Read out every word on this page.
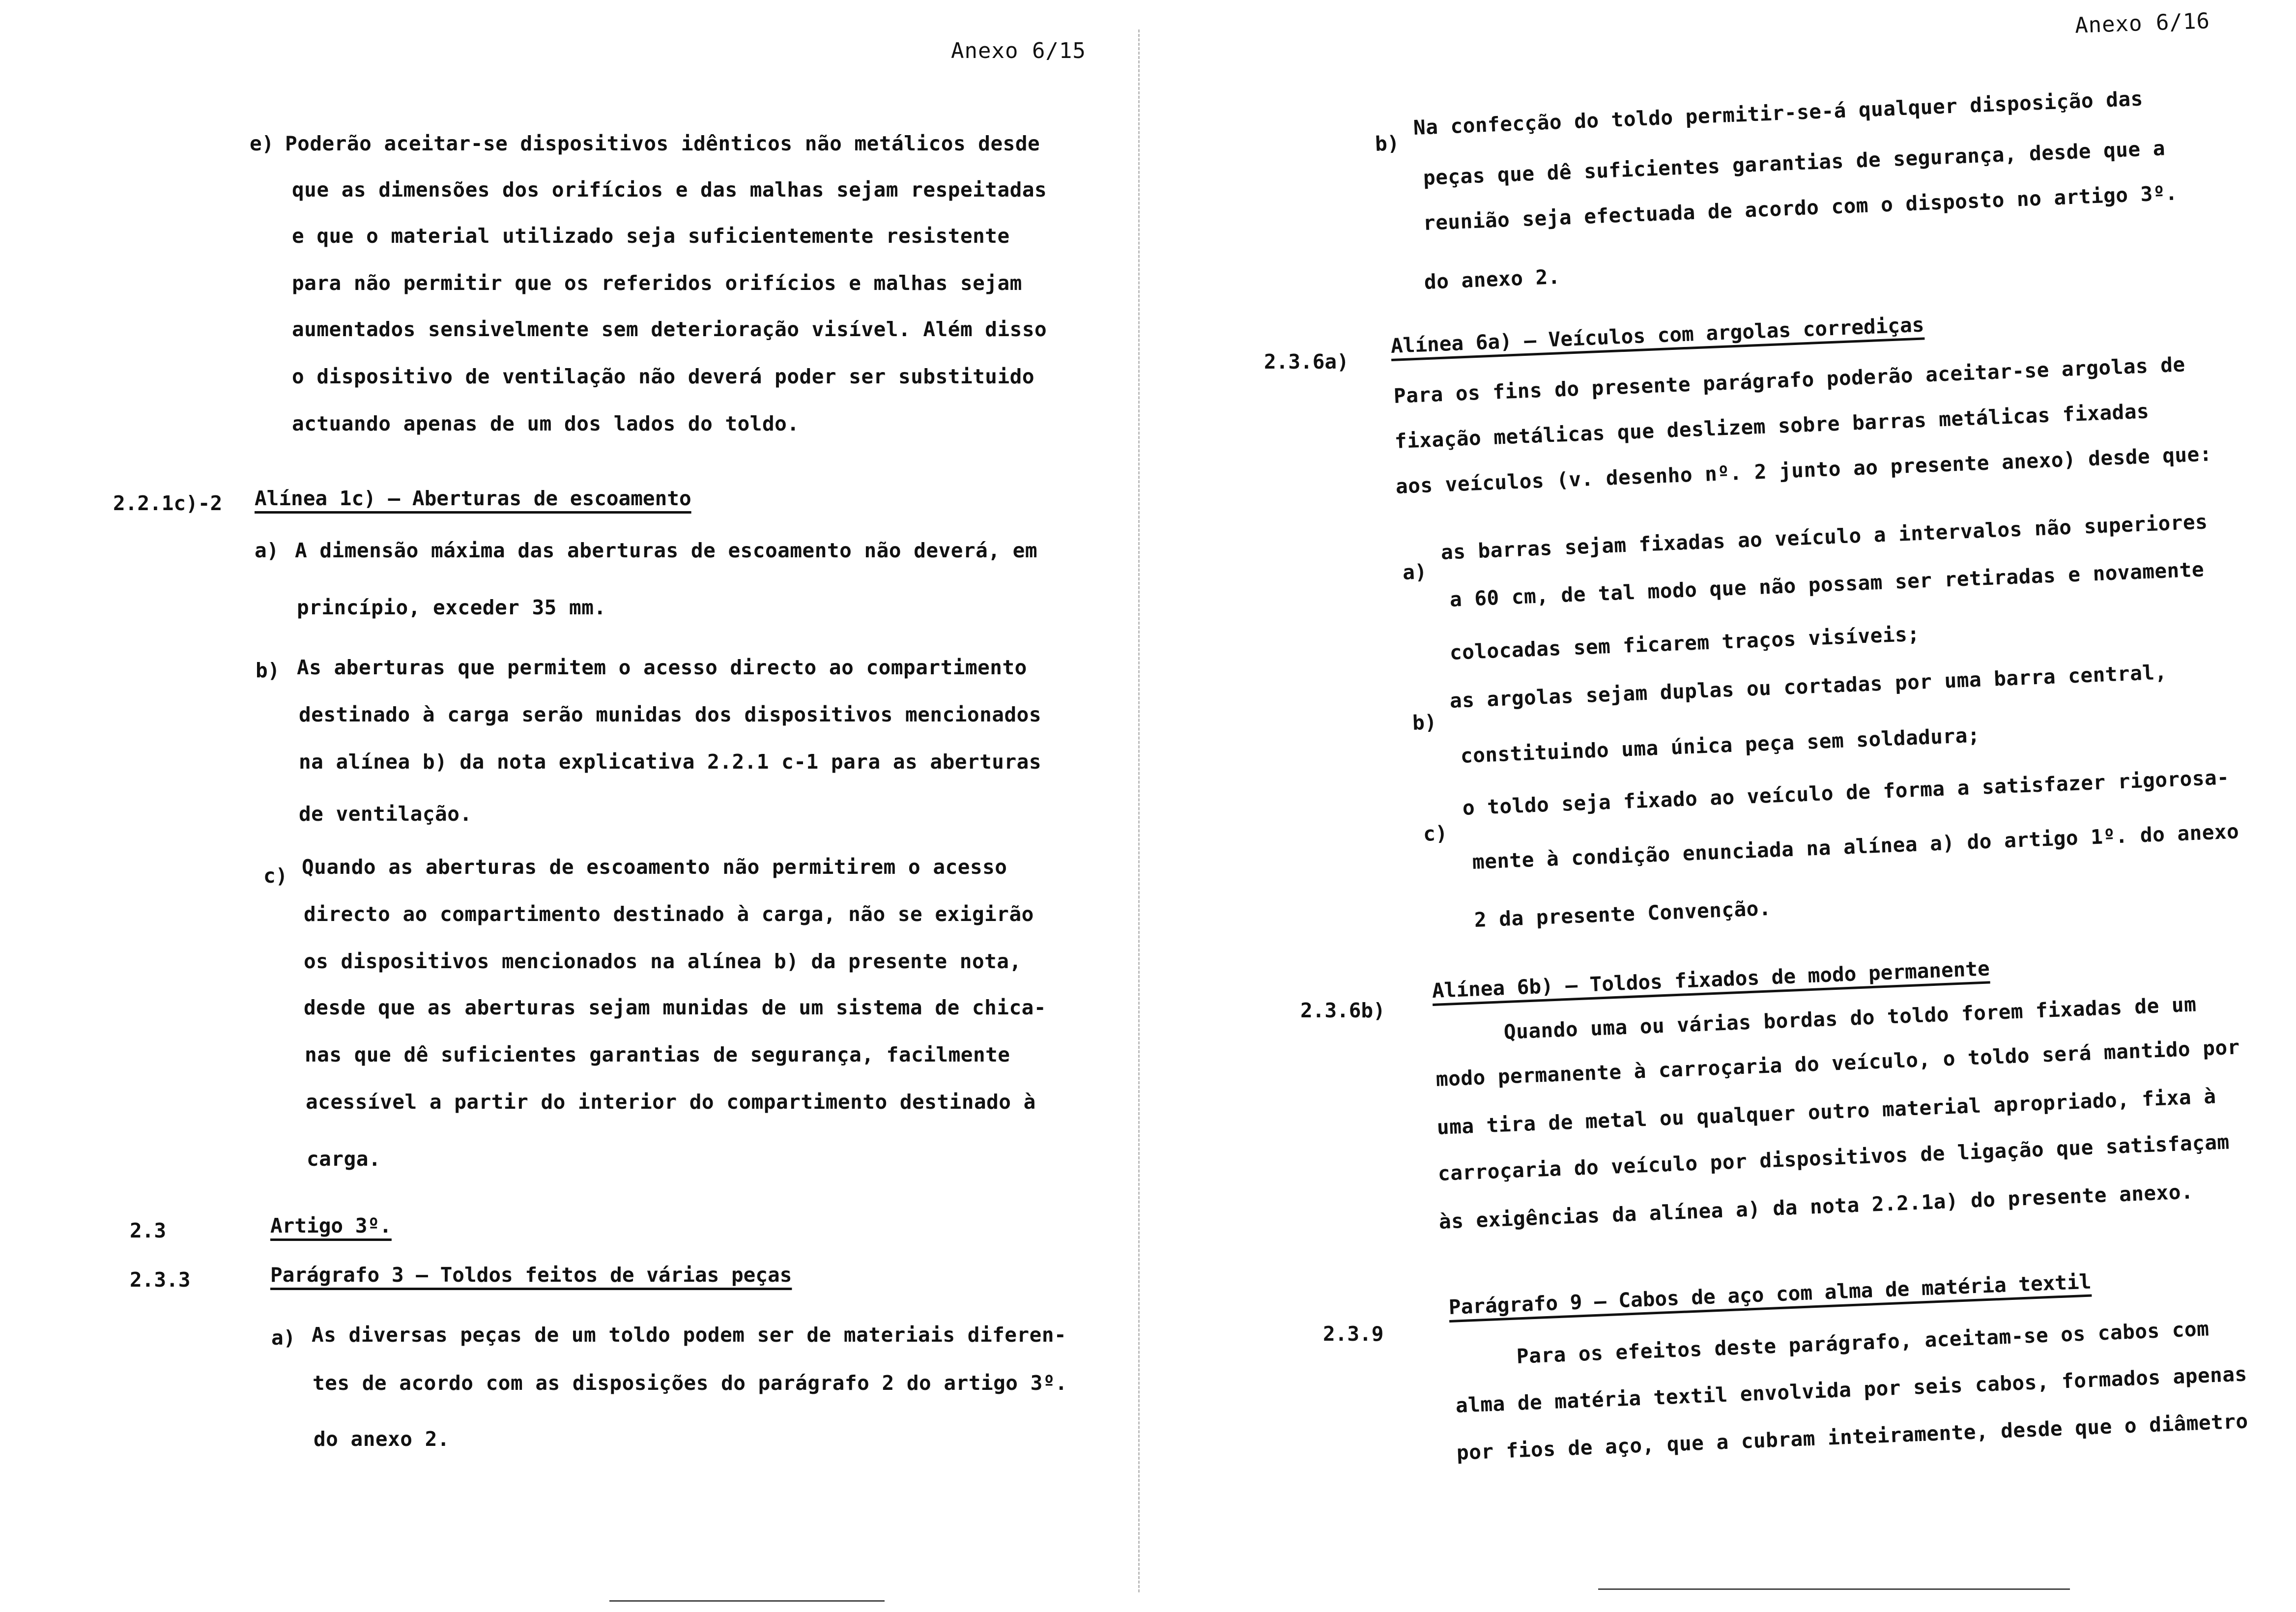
Anexo 6/15
e) Poderão aceitar-se dispositivos idênticos não metálicos desde
que as dimensões dos orifícios e das malhas sejam respeitadas
e que o material utilizado seja suficientemente resistente
para não permitir que os referidos orifícios e malhas sejam
aumentados sensivelmente sem deterioração visível. Além disso
o dispositivo de ventilação não deverá poder ser substituido
actuando apenas de um dos lados do toldo.
2.2.1c)-2 Alínea 1c) — Aberturas de escoamento
a) A dimensão máxima das aberturas de escoamento não deverá, em
princípio, exceder 35 mm.
b) As aberturas que permitem o acesso directo ao compartimento
destinado à carga serão munidas dos dispositivos mencionados
na alínea b) da nota explicativa 2.2.1 c-1 para as aberturas
de ventilação.
c) Quando as aberturas de escoamento não permitirem o acesso
directo ao compartimento destinado à carga, não se exigirão
os dispositivos mencionados na alínea b) da presente nota,
desde que as aberturas sejam munidas de um sistema de chica-
nas que dê suficientes garantias de segurança, facilmente
acessível a partir do interior do compartimento destinado à
carga.
2.3	Artigo 3º.
2.3.3	Parágrafo 3 — Toldos feitos de várias peças
a) As diversas peças de um toldo podem ser de materiais diferen-
tes de acordo com as disposições do parágrafo 2 do artigo 3º.
do anexo 2.
Anexo 6/16
b)
Na confecção do toldo permitir-se-á qualquer disposição das
peças que dê suficientes garantias de segurança, desde que a
reunião seja efectuada de acordo com o disposto no artigo 3º.
do anexo 2.
2.3.6a)
Alínea 6a) — Veículos com argolas corrediças
Para os fins do presente parágrafo poderão aceitar-se argolas de
fixação metálicas que deslizem sobre barras metálicas fixadas
aos veículos (v. desenho nº. 2 junto ao presente anexo) desde que:
a)
as barras sejam fixadas ao veículo a intervalos não superiores
a 60 cm, de tal modo que não possam ser retiradas e novamente
colocadas sem ficarem traços visíveis;
b)
as argolas sejam duplas ou cortadas por uma barra central,
constituindo uma única peça sem soldadura;
c)
o toldo seja fixado ao veículo de forma a satisfazer rigorosa-
mente à condição enunciada na alínea a) do artigo 1º. do anexo
2 da presente Convenção.
2.3.6b)
Alínea 6b) — Toldos fixados de modo permanente
Quando uma ou várias bordas do toldo forem fixadas de um
modo permanente à carroçaria do veículo, o toldo será mantido por
uma tira de metal ou qualquer outro material apropriado, fixa à
carroçaria do veículo por dispositivos de ligação que satisfaçam
às exigências da alínea a) da nota 2.2.1a) do presente anexo.
2.3.9
Parágrafo 9 — Cabos de aço com alma de matéria textil
Para os efeitos deste parágrafo, aceitam-se os cabos com
alma de matéria textil envolvida por seis cabos, formados apenas
por fios de aço, que a cubram inteiramente, desde que o diâmetro
